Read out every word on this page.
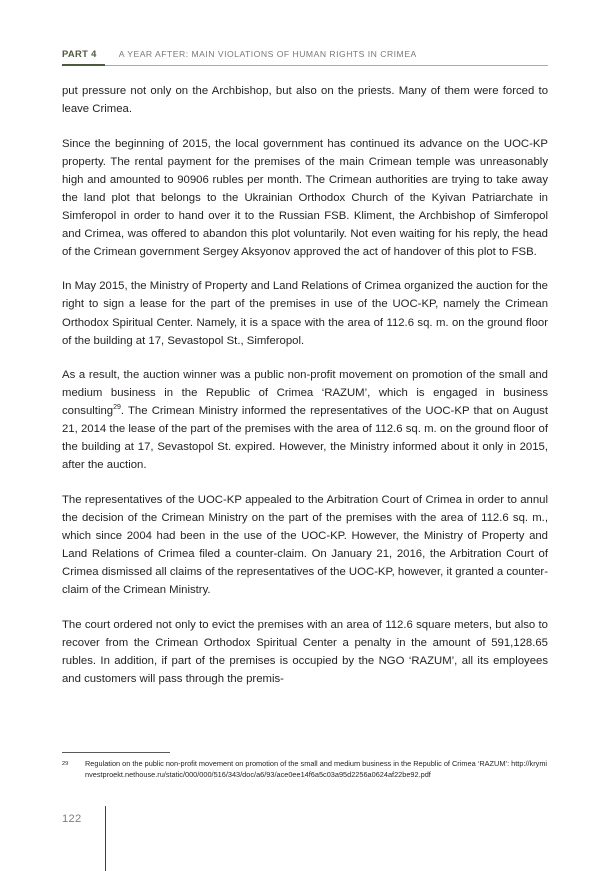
PART 4	A YEAR AFTER: MAIN VIOLATIONS OF HUMAN RIGHTS IN CRIMEA

put pressure not only on the Archbishop, but also on the priests. Many of them were forced to leave Crimea.

Since the beginning of 2015, the local government has continued its advance on the UOC-KP property. The rental payment for the premises of the main Crimean temple was unreasonably high and amounted to 90906 rubles per month. The Crimean authorities are trying to take away the land plot that belongs to the Ukrainian Orthodox Church of the Kyivan Patriarchate in Simferopol in order to hand over it to the Russian FSB. Kliment, the Archbishop of Simferopol and Crimea, was offered to abandon this plot voluntarily. Not even waiting for his reply, the head of the Crimean government Sergey Aksyonov approved the act of handover of this plot to FSB.

In May 2015, the Ministry of Property and Land Relations of Crimea organized the auction for the right to sign a lease for the part of the premises in use of the UOC-KP, namely the Crimean Orthodox Spiritual Center. Namely, it is a space with the area of 112.6 sq. m. on the ground floor of the building at 17, Sevastopol St., Simferopol.

As a result, the auction winner was a public non-profit movement on promotion of the small and medium business in the Republic of Crimea ‘RAZUM’, which is engaged in business consulting$^{29}$. The Crimean Ministry informed the representatives of the UOC-KP that on August 21, 2014 the lease of the part of the premises with the area of 112.6 sq. m. on the ground floor of the building at 17, Sevastopol St. expired. However, the Ministry informed about it only in 2015, after the auction.

The representatives of the UOC-KP appealed to the Arbitration Court of Crimea in order to annul the decision of the Crimean Ministry on the part of the premises with the area of 112.6 sq. m., which since 2004 had been in the use of the UOC-KP. However, the Ministry of Property and Land Relations of Crimea filed a counter-claim. On January 21, 2016, the Arbitration Court of Crimea dismissed all claims of the representatives of the UOC-KP, however, it granted a counter-claim of the Crimean Ministry.

The court ordered not only to evict the premises with an area of 112.6 square meters, but also to recover from the Crimean Orthodox Spiritual Center a penalty in the amount of 591,128.65 rubles. In addition, if part of the premises is occupied by the NGO ‘RAZUM’, all its employees and customers will pass through the premis-

29 Regulation on the public non-profit movement on promotion of the small and medium business in the Republic of Crimea ‘RAZUM’: http://kryminvestproekt.nethouse.ru/static/000/000/516/343/doc/a6/93/ace0ee14f6a5c03a95d2256a0624af22be92.pdf
122
